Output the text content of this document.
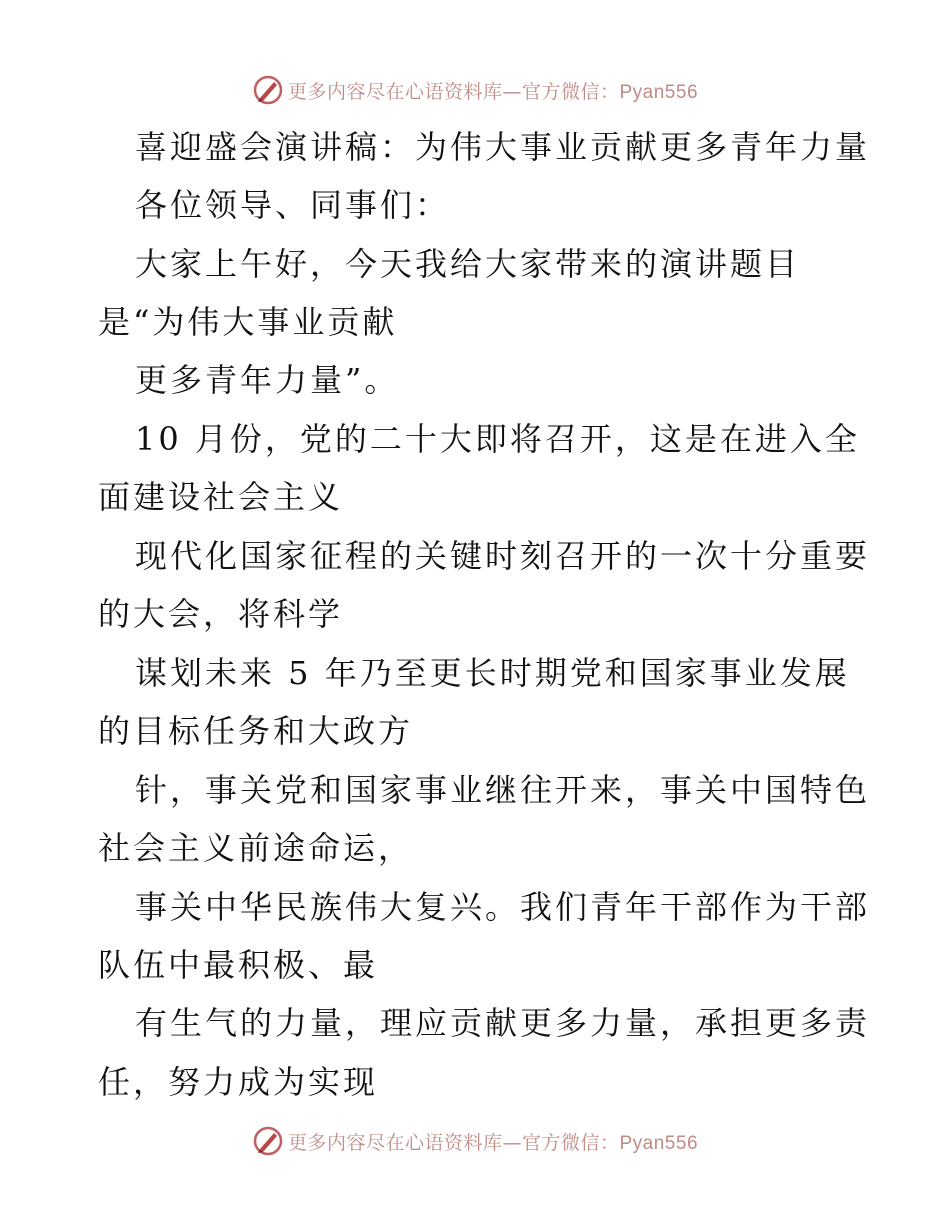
更多内容尽在心语资料库—官方微信：Pyan556
喜迎盛会演讲稿：为伟大事业贡献更多青年力量
各位领导、同事们：
大家上午好，今天我给大家带来的演讲题目
是“为伟大事业贡献
更多青年力量”。
10 月份，党的二十大即将召开，这是在进入全
面建设社会主义
现代化国家征程的关键时刻召开的一次十分重要
的大会，将科学
谋划未来 5 年乃至更长时期党和国家事业发展
的目标任务和大政方
针，事关党和国家事业继往开来，事关中国特色
社会主义前途命运，
事关中华民族伟大复兴。我们青年干部作为干部
队伍中最积极、最
有生气的力量，理应贡献更多力量，承担更多责
任，努力成为实现
更多内容尽在心语资料库—官方微信：Pyan556
